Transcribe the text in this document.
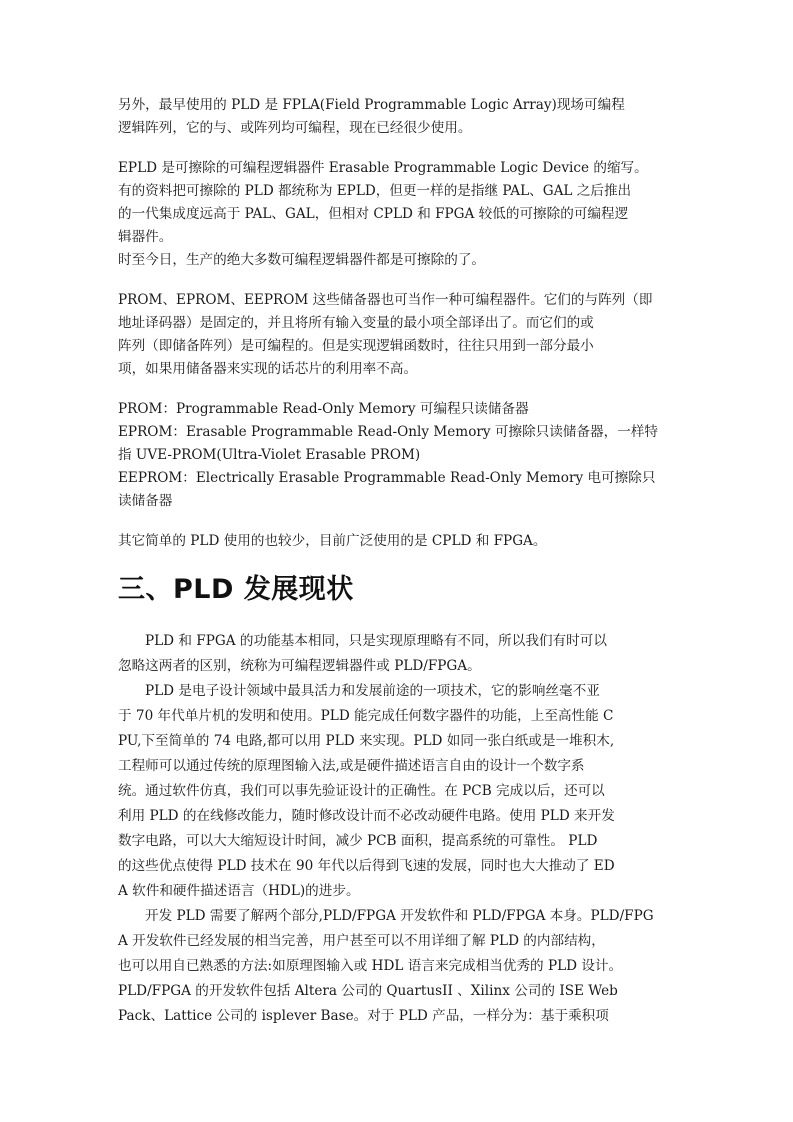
另外，最早使用的 PLD 是 FPLA(Field Programmable Logic Array)现场可编程
逻辑阵列，它的与、或阵列均可编程，现在已经很少使用。
EPLD 是可擦除的可编程逻辑器件 Erasable Programmable Logic Device 的缩写。
有的资料把可擦除的 PLD 都统称为 EPLD，但更一样的是指继 PAL、GAL 之后推出
的一代集成度远高于 PAL、GAL，但相对 CPLD 和 FPGA 较低的可擦除的可编程逻
辑器件。
时至今日，生产的绝大多数可编程逻辑器件都是可擦除的了。
PROM、EPROM、EEPROM 这些储备器也可当作一种可编程器件。它们的与阵列（即
地址译码器）是固定的，并且将所有输入变量的最小项全部译出了。而它们的或
阵列（即储备阵列）是可编程的。但是实现逻辑函数时，往往只用到一部分最小
项，如果用储备器来实现的话芯片的利用率不高。
PROM：Programmable Read-Only Memory 可编程只读储备器
EPROM：Erasable Programmable Read-Only Memory 可擦除只读储备器，一样特
指 UVE-PROM(Ultra-Violet Erasable PROM)
EEPROM：Electrically Erasable Programmable Read-Only Memory 电可擦除只
读储备器
其它简单的 PLD 使用的也较少，目前广泛使用的是 CPLD 和 FPGA。
三、PLD 发展现状
PLD 和 FPGA 的功能基本相同，只是实现原理略有不同，所以我们有时可以
忽略这两者的区别，统称为可编程逻辑器件或 PLD/FPGA。
PLD 是电子设计领域中最具活力和发展前途的一项技术，它的影响丝毫不亚
于 70 年代单片机的发明和使用。PLD 能完成任何数字器件的功能，上至高性能 C
PU,下至简单的 74 电路,都可以用 PLD 来实现。PLD 如同一张白纸或是一堆积木,
工程师可以通过传统的原理图输入法,或是硬件描述语言自由的设计一个数字系
统。通过软件仿真，我们可以事先验证设计的正确性。在 PCB 完成以后，还可以
利用 PLD 的在线修改能力，随时修改设计而不必改动硬件电路。使用 PLD 来开发
数字电路，可以大大缩短设计时间，减少 PCB 面积，提高系统的可靠性。 PLD
的这些优点使得 PLD 技术在 90 年代以后得到飞速的发展，同时也大大推动了 ED
A 软件和硬件描述语言（HDL)的进步。
开发 PLD 需要了解两个部分,PLD/FPGA 开发软件和 PLD/FPGA 本身。PLD/FPG
A 开发软件已经发展的相当完善，用户甚至可以不用详细了解 PLD 的内部结构，
也可以用自已熟悉的方法:如原理图输入或 HDL 语言来完成相当优秀的 PLD 设计。
PLD/FPGA 的开发软件包括 Altera 公司的 QuartusII 、Xilinx 公司的 ISE Web
Pack、Lattice 公司的 isplever Base。对于 PLD 产品，一样分为：基于乘积项
